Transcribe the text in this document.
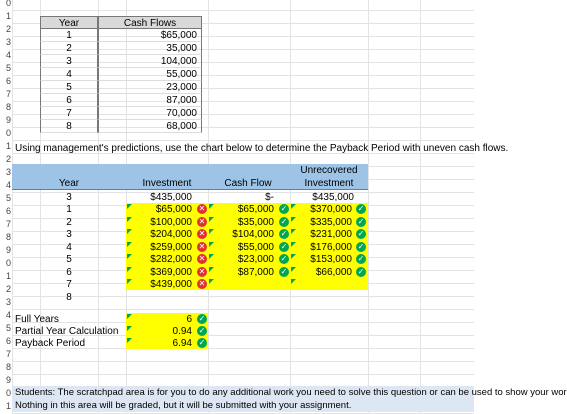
0
1
2
3
4
5
6
7
8
9
0
1
2
3
4
5
6
7
8
9
0
1
2
3
4
5
6
7
8
9
0
1
Year	Cash Flows
1	$65,000
2	35,000
3	104,000
4	55,000
5	23,000
6	87,000
7	70,000
8	68,000
Using management's predictions, use the chart below to determine the Payback Period with uneven cash flows.
Year	Investment	Cash Flow
Unrecovered
Investment
3	$435,000	$-	$435,000
1	$65,000 ✕	$65,000 ✓	$370,000 ✓
2	$100,000 ✕	$35,000 ✓	$335,000 ✓
3	$204,000 ✕	$104,000 ✓	$231,000 ✓
4	$259,000 ✕	$55,000 ✓	$176,000 ✓
5	$282,000 ✕	$23,000 ✓	$153,000 ✓
6	$369,000 ✕	$87,000 ✓	$66,000 ✓
7	$439,000 ✕
8
Full Years	6 ✓
Partial Year Calculation	0.94 ✓
Payback Period	6.94 ✓
Students: The scratchpad area is for you to do any additional work you need to solve this question or can be used to show your wor
Nothing in this area will be graded, but it will be submitted with your assignment.
